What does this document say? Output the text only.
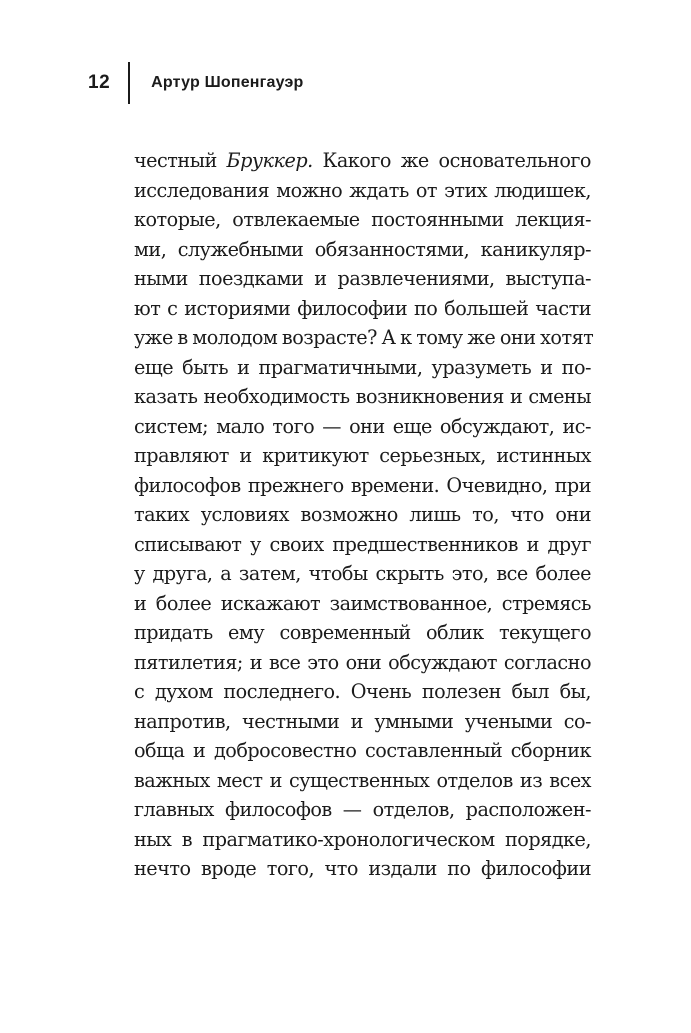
12	Артур Шопенгауэр
честный Бруккер. Какого же основательного
исследования можно ждать от этих людишек,
которые, отвлекаемые постоянными лекция-
ми, служебными обязанностями, каникуляр-
ными поездками и развлечениями, выступа-
ют с историями философии по большей части
уже в молодом возрасте? А к тому же они хотят
еще быть и прагматичными, уразуметь и по-
казать необходимость возникновения и смены
систем; мало того — они еще обсуждают, ис-
правляют и критикуют серьезных, истинных
философов прежнего времени. Очевидно, при
таких условиях возможно лишь то, что они
списывают у своих предшественников и друг
у друга, а затем, чтобы скрыть это, все более
и более искажают заимствованное, стремясь
придать ему современный облик текущего
пятилетия; и все это они обсуждают согласно
с духом последнего. Очень полезен был бы,
напротив, честными и умными учеными со-
обща и добросовестно составленный сборник
важных мест и существенных отделов из всех
главных философов — отделов, расположен-
ных в прагматико-хронологическом порядке,
нечто вроде того, что издали по философии
